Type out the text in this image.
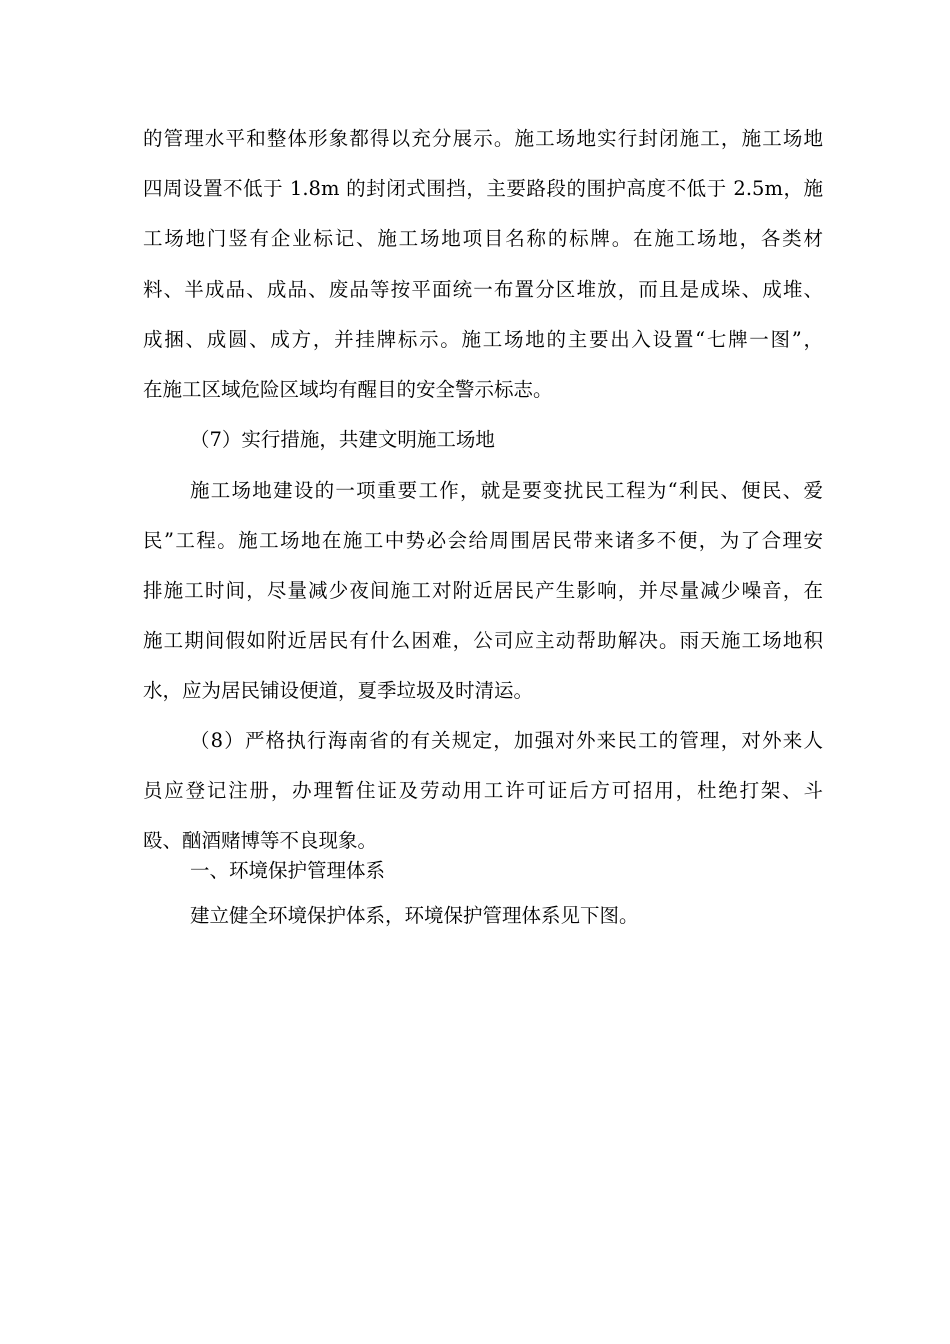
的管理水平和整体形象都得以充分展示。施工场地实行封闭施工，施工场地
四周设置不低于 1.8m 的封闭式围挡，主要路段的围护高度不低于 2.5m，施
工场地门竖有企业标记、施工场地项目名称的标牌。在施工场地，各类材
料、半成品、成品、废品等按平面统一布置分区堆放，而且是成垛、成堆、
成捆、成圆、成方，并挂牌标示。施工场地的主要出入设置“七牌一图”，
在施工区域危险区域均有醒目的安全警示标志。
（7）实行措施，共建文明施工场地
施工场地建设的一项重要工作，就是要变扰民工程为“利民、便民、爱
民”工程。施工场地在施工中势必会给周围居民带来诸多不便，为了合理安
排施工时间，尽量减少夜间施工对附近居民产生影响，并尽量减少噪音，在
施工期间假如附近居民有什么困难，公司应主动帮助解决。雨天施工场地积
水，应为居民铺设便道，夏季垃圾及时清运。
（8）严格执行海南省的有关规定，加强对外来民工的管理，对外来人
员应登记注册，办理暂住证及劳动用工许可证后方可招用，杜绝打架、斗
殴、酗酒赌博等不良现象。
一、环境保护管理体系
建立健全环境保护体系，环境保护管理体系见下图。
